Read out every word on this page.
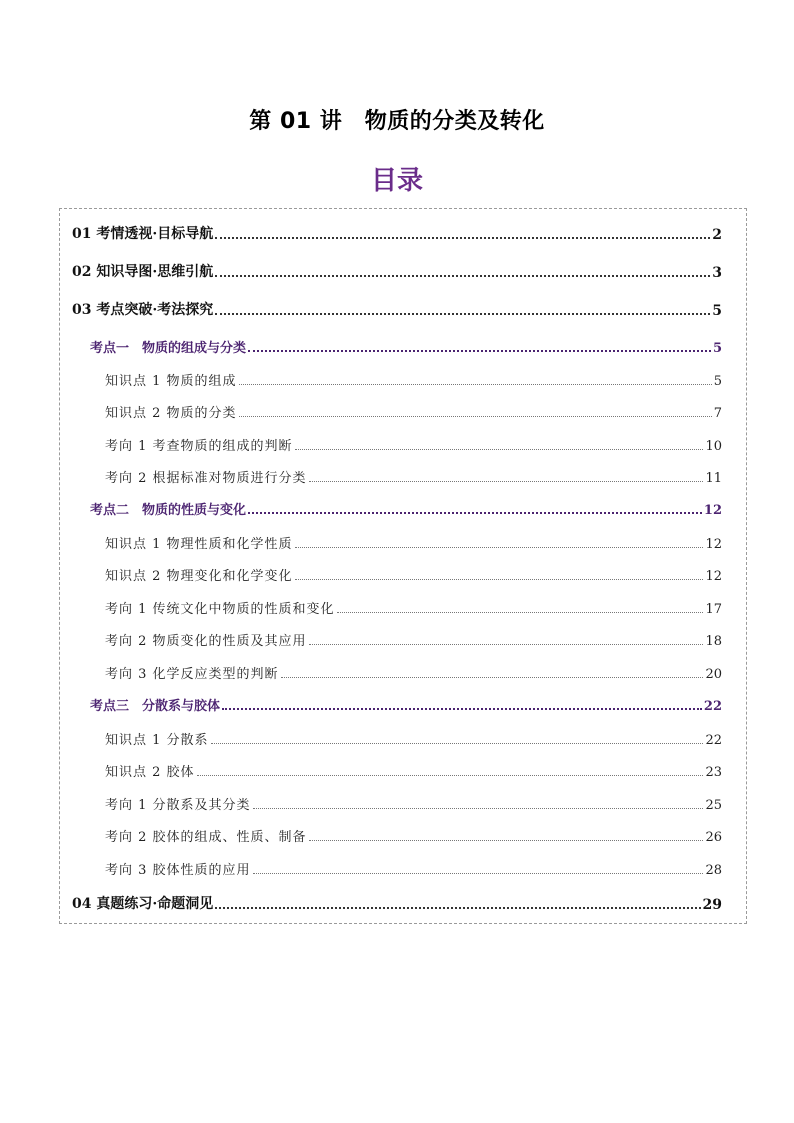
第 01 讲　物质的分类及转化
目录
01 考情透视·目标导航	2
02 知识导图·思维引航	3
03 考点突破·考法探究	5
考点一　物质的组成与分类	5
知识点 1 物质的组成	5
知识点 2 物质的分类	7
考向 1 考查物质的组成的判断	10
考向 2 根据标准对物质进行分类	11
考点二　物质的性质与变化	12
知识点 1 物理性质和化学性质	12
知识点 2 物理变化和化学变化	12
考向 1 传统文化中物质的性质和变化	17
考向 2 物质变化的性质及其应用	18
考向 3 化学反应类型的判断	20
考点三　分散系与胶体	22
知识点 1 分散系	22
知识点 2 胶体	23
考向 1 分散系及其分类	25
考向 2 胶体的组成、性质、制备	26
考向 3 胶体性质的应用	28
04 真题练习·命题洞见	29
